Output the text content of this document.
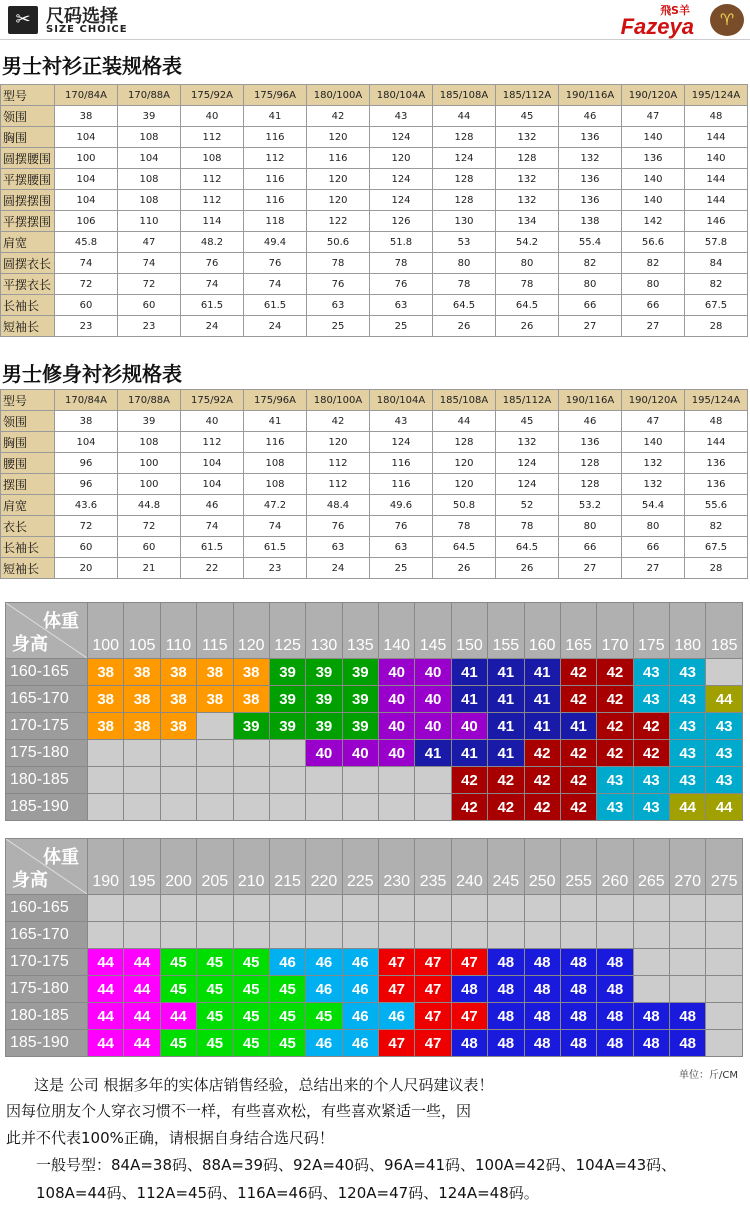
✂ 尺码选择
SIZE CHOICE
飛S羊
Fazeya	♈
男士衬衫正装规格表
型号	170/84A	170/88A	175/92A	175/96A	180/100A	180/104A	185/108A	185/112A	190/116A	190/120A	195/124A
领围	38	39	40	41	42	43	44	45	46	47	48
胸围	104	108	112	116	120	124	128	132	136	140	144
圆摆腰围	100	104	108	112	116	120	124	128	132	136	140
平摆腰围	104	108	112	116	120	124	128	132	136	140	144
圆摆摆围	104	108	112	116	120	124	128	132	136	140	144
平摆摆围	106	110	114	118	122	126	130	134	138	142	146
肩宽	45.8	47	48.2	49.4	50.6	51.8	53	54.2	55.4	56.6	57.8
圆摆衣长	74	74	76	76	78	78	80	80	82	82	84
平摆衣长	72	72	74	74	76	76	78	78	80	80	82
长袖长	60	60	61.5	61.5	63	63	64.5	64.5	66	66	67.5
短袖长	23	23	24	24	25	25	26	26	27	27	28
男士修身衬衫规格表
型号	170/84A	170/88A	175/92A	175/96A	180/100A	180/104A	185/108A	185/112A	190/116A	190/120A	195/124A
领围	38	39	40	41	42	43	44	45	46	47	48
胸围	104	108	112	116	120	124	128	132	136	140	144
腰围	96	100	104	108	112	116	120	124	128	132	136
摆围	96	100	104	108	112	116	120	124	128	132	136
肩宽	43.6	44.8	46	47.2	48.4	49.6	50.8	52	53.2	54.4	55.6
衣长	72	72	74	74	76	76	78	78	80	80	82
长袖长	60	60	61.5	61.5	63	63	64.5	64.5	66	66	67.5
短袖长	20	21	22	23	24	25	26	26	27	27	28
体重
身高	100	105	110	115	120	125	130	135	140	145	150	155	160	165	170	175	180	185
160-165	38	38	38	38	38	39	39	39	40	40	41	41	41	42	42	43	43	
165-170	38	38	38	38	38	39	39	39	40	40	41	41	41	42	42	43	43	44
170-175	38	38	38		39	39	39	39	40	40	40	41	41	41	42	42	43	43
175-180							40	40	40	41	41	41	42	42	42	42	43	43
180-185											42	42	42	42	43	43	43	43
185-190											42	42	42	42	43	43	44	44
体重
身高	190	195	200	205	210	215	220	225	230	235	240	245	250	255	260	265	270	275
160-165																		
165-170																		
170-175	44	44	45	45	45	46	46	46	47	47	47	48	48	48	48			
175-180	44	44	45	45	45	45	46	46	47	47	48	48	48	48	48			
180-185	44	44	44	45	45	45	45	46	46	47	47	48	48	48	48	48	48	
185-190	44	44	45	45	45	45	46	46	47	47	48	48	48	48	48	48	48	
单位：斤/CM
这是 公司 根据多年的实体店销售经验，总结出来的个人尺码建议表！
因每位朋友个人穿衣习惯不一样，有些喜欢松，有些喜欢紧适一些，因
此并不代表100%正确，请根据自身结合选尺码！
一般号型：84A=38码、88A=39码、92A=40码、96A=41码、100A=42码、104A=43码、
108A=44码、112A=45码、116A=46码、120A=47码、124A=48码。
